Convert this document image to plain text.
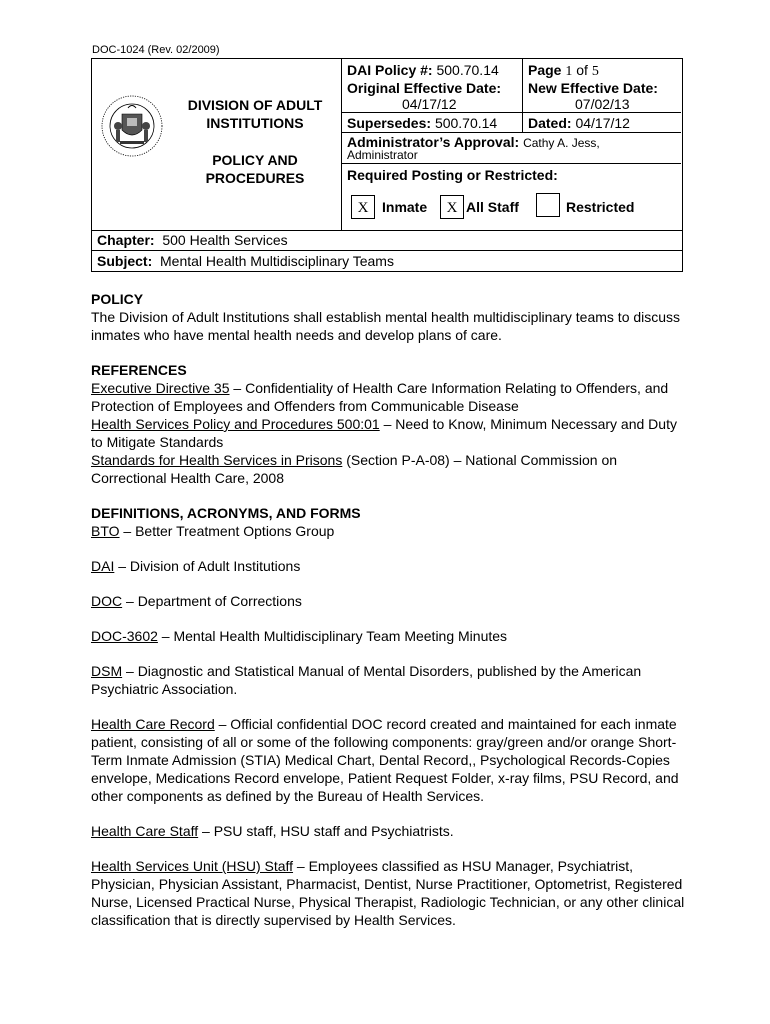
DOC-1024 (Rev. 02/2009)
DIVISION OF ADULT INSTITUTIONS
POLICY AND PROCEDURES
DAI Policy #: 500.70.14 Page 1 of 5
Original Effective Date:
04/17/12
New Effective Date:
07/02/13
Supersedes: 500.70.14 Dated: 04/17/12
Administrator’s Approval: Cathy A. Jess,
Administrator
Required Posting or Restricted:
X Inmate	X All Staff	Restricted
Chapter: 500 Health Services
Subject: Mental Health Multidisciplinary Teams

POLICY

The Division of Adult Institutions shall establish mental health multidisciplinary teams to discuss inmates who have mental health needs and develop plans of care.

REFERENCES

Executive Directive 35 – Confidentiality of Health Care Information Relating to Offenders, and Protection of Employees and Offenders from Communicable Disease

Health Services Policy and Procedures 500:01 – Need to Know, Minimum Necessary and Duty to Mitigate Standards

Standards for Health Services in Prisons (Section P-A-08) – National Commission on Correctional Health Care, 2008

DEFINITIONS, ACRONYMS, AND FORMS

BTO – Better Treatment Options Group

DAI – Division of Adult Institutions

DOC – Department of Corrections

DOC-3602 – Mental Health Multidisciplinary Team Meeting Minutes

DSM – Diagnostic and Statistical Manual of Mental Disorders, published by the American Psychiatric Association.

Health Care Record – Official confidential DOC record created and maintained for each inmate patient, consisting of all or some of the following components: gray/green and/or orange Short-Term Inmate Admission (STIA) Medical Chart, Dental Record,, Psychological Records-Copies envelope, Medications Record envelope, Patient Request Folder, x-ray films, PSU Record, and other components as defined by the Bureau of Health Services.

Health Care Staff – PSU staff, HSU staff and Psychiatrists.

Health Services Unit (HSU) Staff – Employees classified as HSU Manager, Psychiatrist, Physician, Physician Assistant, Pharmacist, Dentist, Nurse Practitioner, Optometrist, Registered Nurse, Licensed Practical Nurse, Physical Therapist, Radiologic Technician, or any other clinical classification that is directly supervised by Health Services.
